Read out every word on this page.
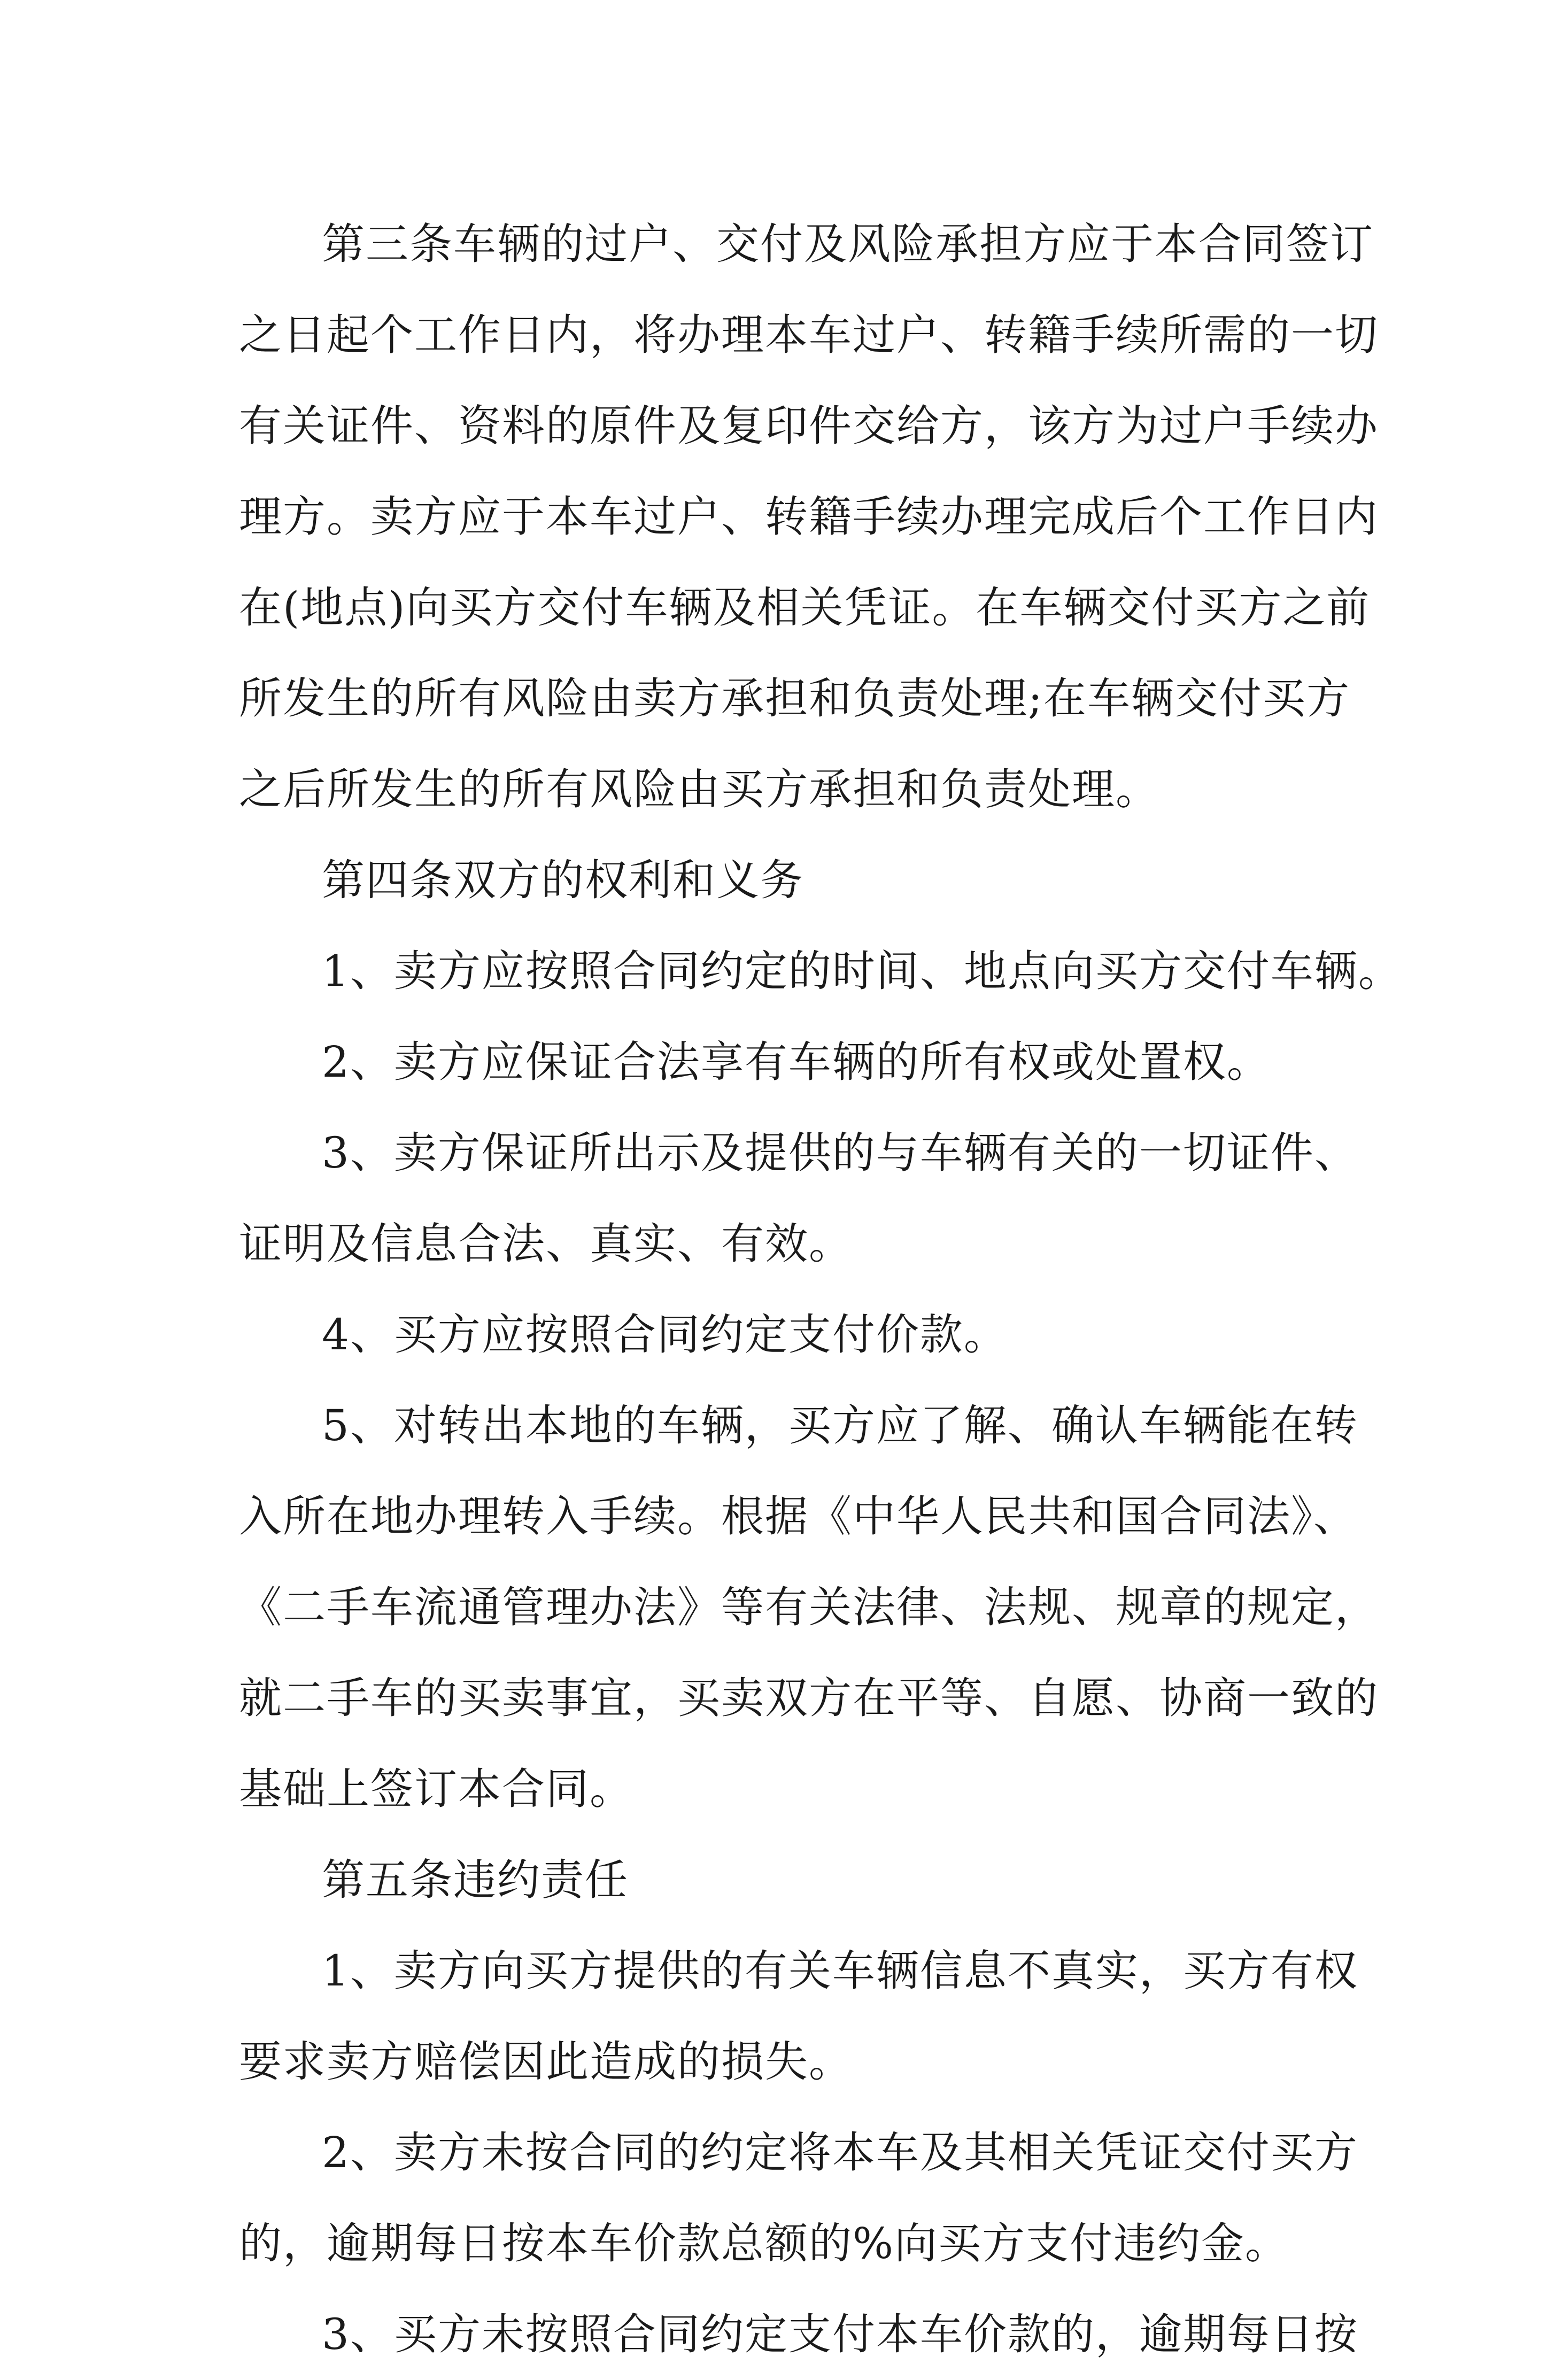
第三条车辆的过户、交付及风险承担方应于本合同签订
之日起个工作日内，将办理本车过户、转籍手续所需的一切
有关证件、资料的原件及复印件交给方，该方为过户手续办
理方。卖方应于本车过户、转籍手续办理完成后个工作日内
在(地点)向买方交付车辆及相关凭证。在车辆交付买方之前
所发生的所有风险由卖方承担和负责处理;在车辆交付买方
之后所发生的所有风险由买方承担和负责处理。
第四条双方的权利和义务
1、卖方应按照合同约定的时间、地点向买方交付车辆。
2、卖方应保证合法享有车辆的所有权或处置权。
3、卖方保证所出示及提供的与车辆有关的一切证件、
证明及信息合法、真实、有效。
4、买方应按照合同约定支付价款。
5、对转出本地的车辆，买方应了解、确认车辆能在转
入所在地办理转入手续。根据《中华人民共和国合同法》、
《二手车流通管理办法》等有关法律、法规、规章的规定，
就二手车的买卖事宜，买卖双方在平等、自愿、协商一致的
基础上签订本合同。
第五条违约责任
1、卖方向买方提供的有关车辆信息不真实，买方有权
要求卖方赔偿因此造成的损失。
2、卖方未按合同的约定将本车及其相关凭证交付买方
的，逾期每日按本车价款总额的%向买方支付违约金。
3、买方未按照合同约定支付本车价款的，逾期每日按
